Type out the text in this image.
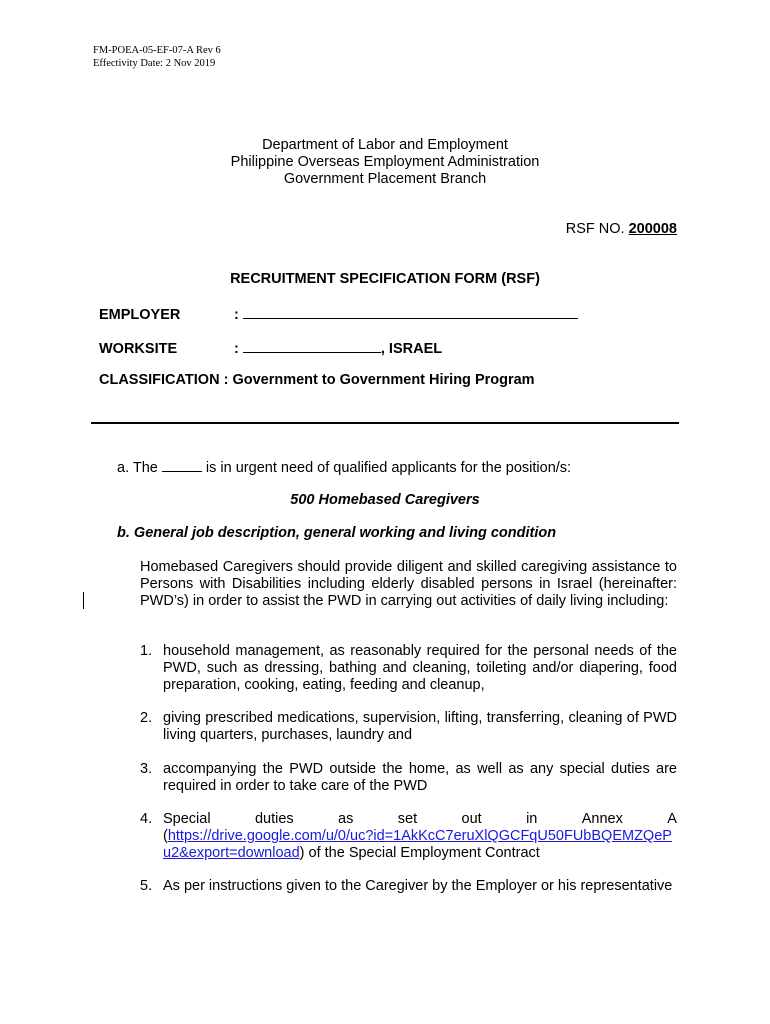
FM-POEA-05-EF-07-A Rev 6
Effectivity Date: 2 Nov 2019
Department of Labor and Employment
Philippine Overseas Employment Administration
Government Placement Branch
RSF NO. 200008
RECRUITMENT SPECIFICATION FORM (RSF)
EMPLOYER	:
WORKSITE	:	, ISRAEL
CLASSIFICATION : Government to Government Hiring Program
a. The	is in urgent need of qualified applicants for the position/s:
500 Homebased Caregivers
b. General job description, general working and living condition
Homebased Caregivers should provide diligent and skilled caregiving assistance to Persons with Disabilities including elderly disabled persons in Israel (hereinafter: PWD’s) in order to assist the PWD in carrying out activities of daily living including:
1. household management, as reasonably required for the personal needs of the PWD, such as dressing, bathing and cleaning, toileting and/or diapering, food preparation, cooking, eating, feeding and cleanup,
2. giving prescribed medications, supervision, lifting, transferring, cleaning of PWD living quarters, purchases, laundry and
3. accompanying the PWD outside the home, as well as any special duties are required in order to take care of the PWD
4. Special	duties	as	set	out	in	Annex	A
(https://drive.google.com/u/0/uc?id=1AkKcC7eruXlQGCFqU50FUbBQEMZQePu2&export=download) of the Special Employment Contract
5. As per instructions given to the Caregiver by the Employer or his representative
